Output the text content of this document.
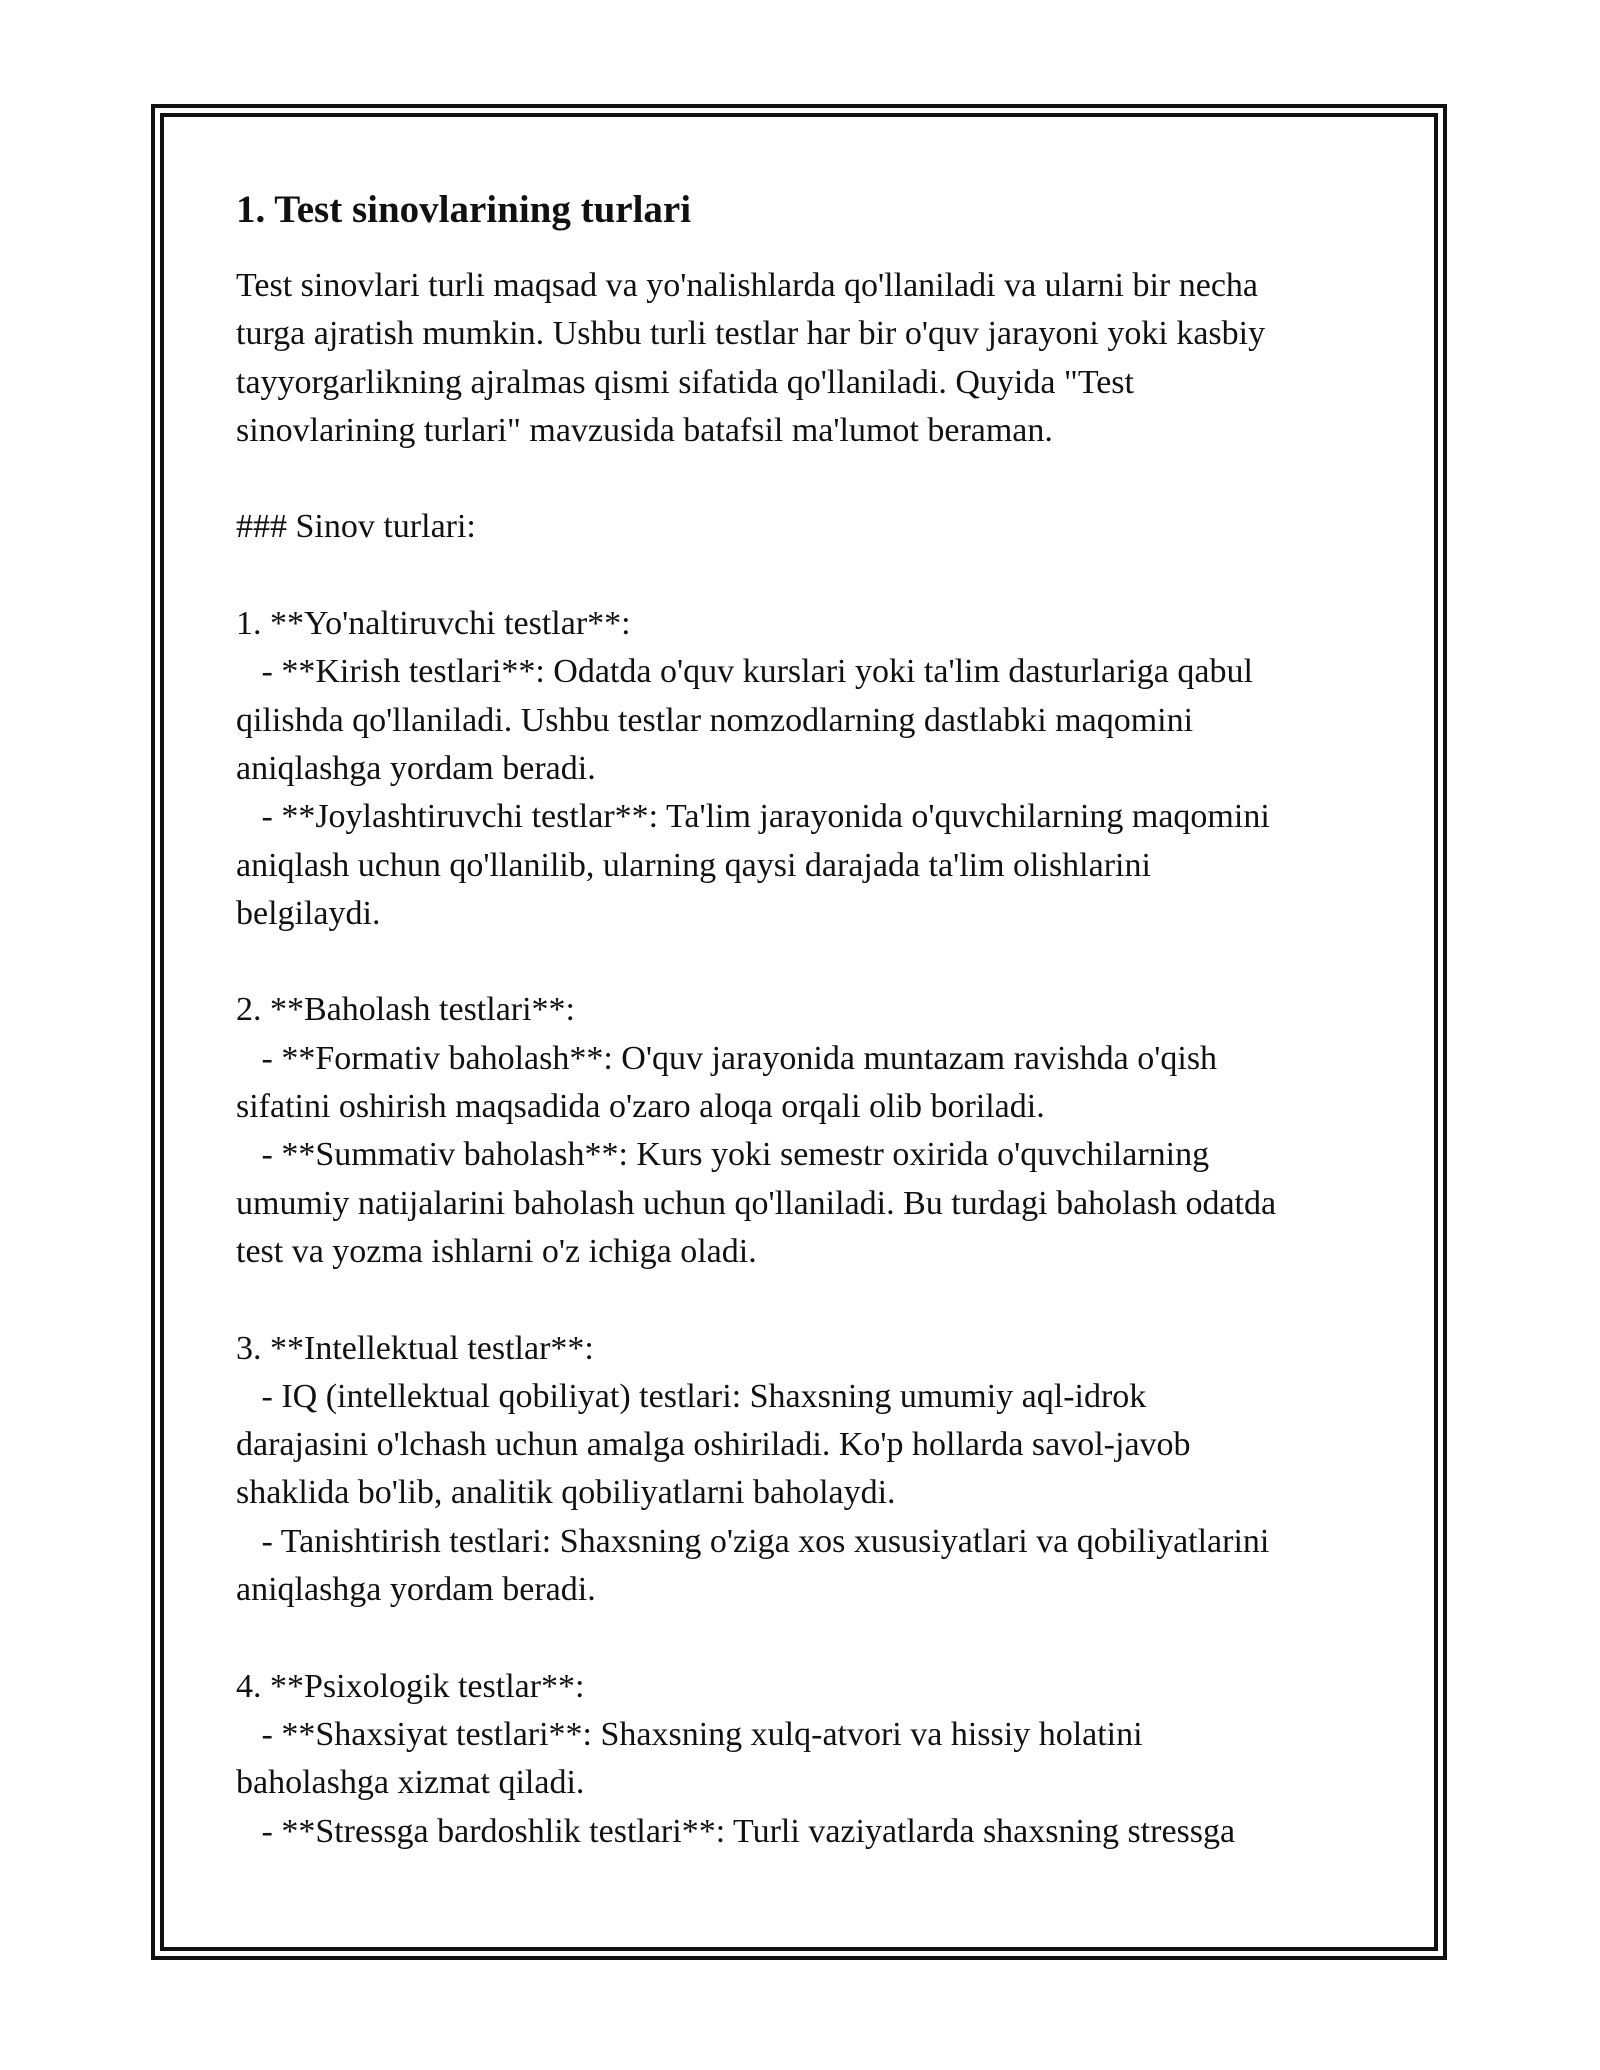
1. Test sinovlarining turlari

Test sinovlari turli maqsad va yo'nalishlarda qo'llaniladi va ularni bir necha

turga ajratish mumkin. Ushbu turli testlar har bir o'quv jarayoni yoki kasbiy

tayyorgarlikning ajralmas qismi sifatida qo'llaniladi. Quyida "Test

sinovlarining turlari" mavzusida batafsil ma'lumot beraman.

### Sinov turlari:

1. **Yo'naltiruvchi testlar**:

- **Kirish testlari**: Odatda o'quv kurslari yoki ta'lim dasturlariga qabul

qilishda qo'llaniladi. Ushbu testlar nomzodlarning dastlabki maqomini

aniqlashga yordam beradi.

- **Joylashtiruvchi testlar**: Ta'lim jarayonida o'quvchilarning maqomini

aniqlash uchun qo'llanilib, ularning qaysi darajada ta'lim olishlarini

belgilaydi.

2. **Baholash testlari**:

- **Formativ baholash**: O'quv jarayonida muntazam ravishda o'qish

sifatini oshirish maqsadida o'zaro aloqa orqali olib boriladi.

- **Summativ baholash**: Kurs yoki semestr oxirida o'quvchilarning

umumiy natijalarini baholash uchun qo'llaniladi. Bu turdagi baholash odatda

test va yozma ishlarni o'z ichiga oladi.

3. **Intellektual testlar**:

- IQ (intellektual qobiliyat) testlari: Shaxsning umumiy aql-idrok

darajasini o'lchash uchun amalga oshiriladi. Ko'p hollarda savol-javob

shaklida bo'lib, analitik qobiliyatlarni baholaydi.

- Tanishtirish testlari: Shaxsning o'ziga xos xususiyatlari va qobiliyatlarini

aniqlashga yordam beradi.

4. **Psixologik testlar**:

- **Shaxsiyat testlari**: Shaxsning xulq-atvori va hissiy holatini

baholashga xizmat qiladi.

- **Stressga bardoshlik testlari**: Turli vaziyatlarda shaxsning stressga
